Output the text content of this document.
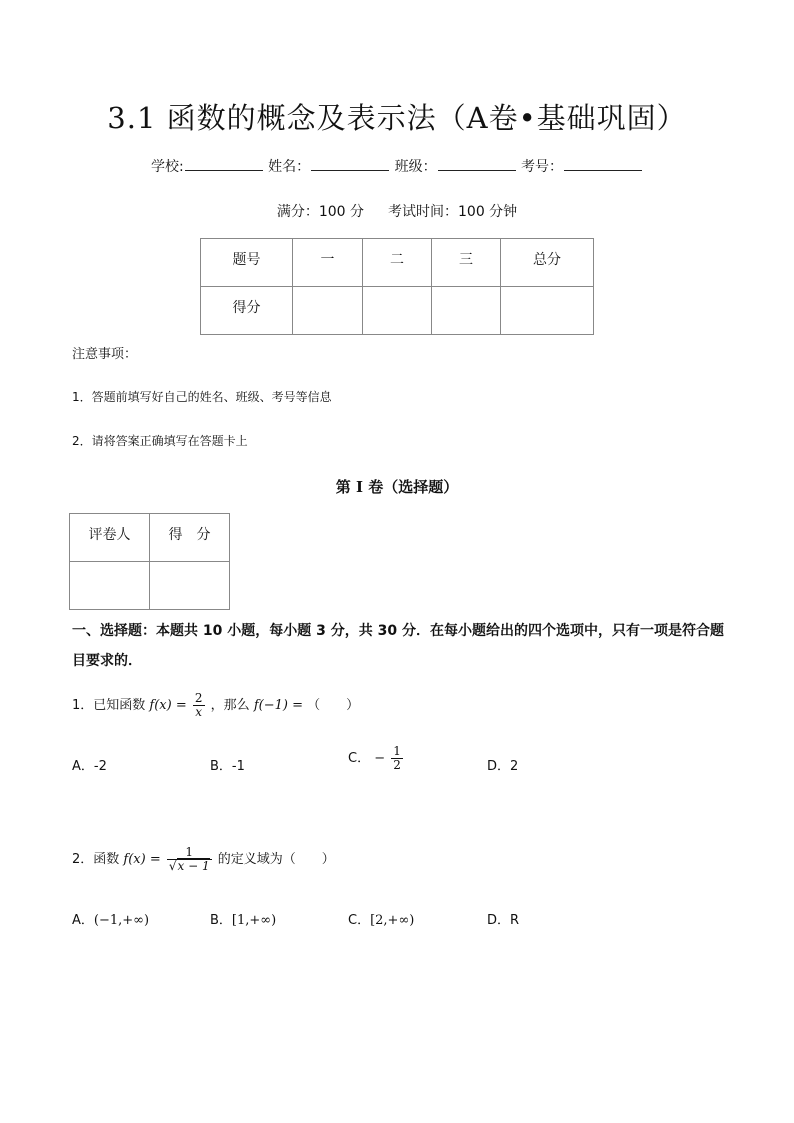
3.1 函数的概念及表示法（A卷•基础巩固）
学校:	姓名：	班级：	考号：
满分：100 分 考试时间：100 分钟
题号	一	二	三	总分
得分				
注意事项：
1．答题前填写好自己的姓名、班级、考号等信息
2．请将答案正确填写在答题卡上
第 I 卷（选择题）
评卷人	得　分

一、选择题：本题共 10 小题，每小题 3 分，共 30 分．在每小题给出的四个选项中，只有一项是符合题目要求的．
1．已知函数 $f(x) = \frac{2}{x}$ ，那么 f(−1) = （　　）
A．-2	B．-1
C． − $\frac{1}{2}$	D．2
2．函数 $f(x) = \frac{1}{√x - 1}$ 的定义域为（　　）
A．(−1,+∞)	B．[1,+∞)	C．[2,+∞)	D．R
